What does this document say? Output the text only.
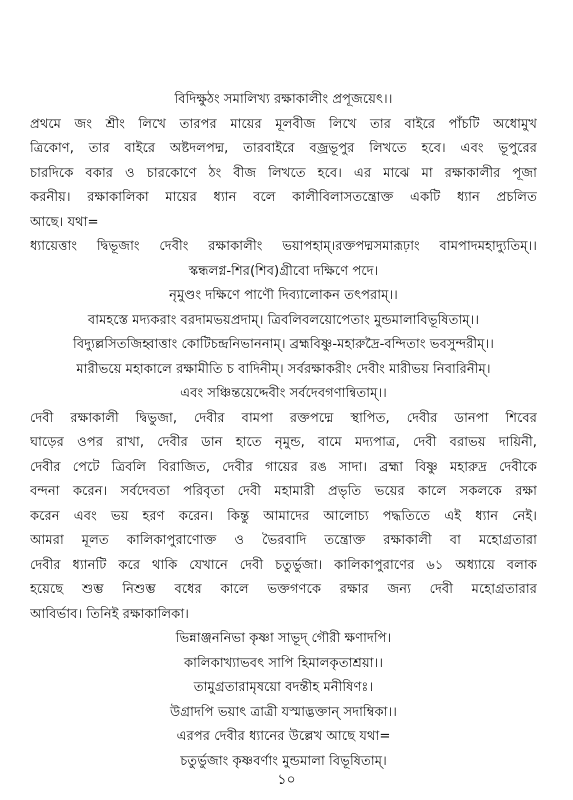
বিদিক্ষুঠং সমালিখ্য রক্ষাকালীং প্রপূজয়েৎ।।
প্রথমে জং শ্রীং লিখে তারপর মায়ের মূলবীজ লিখে তার বাইরে পাঁচটি অধোমুখ
ত্রিকোণ, তার বাইরে অষ্টদলপদ্ম, তারবাইরে বজ্রভূপুর লিখতে হবে। এবং ভূপুরের
চারদিকে বকার ও চারকোণে ঠং বীজ লিখতে হবে। এর মাঝে মা রক্ষাকালীর পূজা
করনীয়। রক্ষাকালিকা মায়ের ধ্যান বলে কালীবিলাসতন্ত্রোক্ত একটি ধ্যান প্রচলিত
আছে। যথা=
ধ্যায়েত্তাং দ্বিভূজাং দেবীং রক্ষাকালীং ভয়াপহাম্।রক্তপদ্মসমারূঢ়াং বামপাদমহাদ্যুতিম্।।
স্কন্ধলগ্ন-শির(শিব)গ্রীবো দক্ষিণে পদে।
নৃমুণ্ডং দক্ষিণে পাণৌ দিব্যালোকন তৎপরাম্।।
বামহস্তে মদ্যকরাং বরদামভয়প্রদাম্। ত্রিবলিবলয়োপেতাং মুন্ডমালাবিভূষিতাম্।।
বিদ্যুল্লসিতজিহ্বাত্তাং কোটিচন্দ্রনিভাননাম্। ব্রহ্মবিষ্ণু-মহারুদ্রৈ-বন্দিতাং ভবসুন্দরীম্।।
মারীভয়ে মহাকালে রক্ষামীতি চ বাদিনীম্। সর্বরক্ষাকরীং দেবীং মারীভয় নিবারিনীম্।
এবং সঞ্চিন্তয়েদ্দেবীং সর্বদেবগণান্বিতাম্।।
দেবী রক্ষাকালী দ্বিভুজা, দেবীর বামপা রক্তপদ্মে স্থাপিত, দেবীর ডানপা শিবের
ঘাড়ের ওপর রাখা, দেবীর ডান হাতে নৃমুন্ড, বামে মদ্যপাত্র, দেবী বরাভয় দায়িনী,
দেবীর পেটে ত্রিবলি বিরাজিত, দেবীর গায়ের রঙ সাদা। ব্রহ্মা বিষ্ণু মহারুদ্র দেবীকে
বন্দনা করেন। সর্বদেবতা পরিবৃতা দেবী মহামারী প্রভৃতি ভয়ের কালে সকলকে রক্ষা
করেন এবং ভয় হরণ করেন। কিন্তু আমাদের আলোচ্য পদ্ধতিতে এই ধ্যান নেই।
আমরা মূলত কালিকাপুরাণোক্ত ও ভৈরবাদি তন্ত্রোক্ত রক্ষাকালী বা মহোগ্রতারা
দেবীর ধ্যানটি করে থাকি যেখানে দেবী চতুর্ভুজা। কালিকাপুরাণের ৬১ অধ্যায়ে বলাক
হয়েছে শুম্ভ নিশুম্ভ বধের কালে ভক্তগণকে রক্ষার জন্য দেবী মহোগ্রতারার
আবির্ভাব। তিনিই রক্ষাকালিকা।
ভিন্নাঞ্জননিভা কৃষ্ণা সাভূদ্ গৌরী ক্ষণাদপি।
কালিকাখ্যাভবৎ সাপি হিমালকৃতাশ্রয়া।।
তামুগ্রতারামৃষয়ো বদন্তীহ মনীষিণঃ।
উগ্রাদপি ভয়াৎ ত্রাত্রী যস্মাদ্ভক্তান্ সদাম্বিকা।।
এরপর দেবীর ধ্যানের উল্লেখ আছে যথা=
চতুর্ভুজাং কৃষ্ণবর্ণাং মুন্ডমালা বিভূষিতাম্।
১০
